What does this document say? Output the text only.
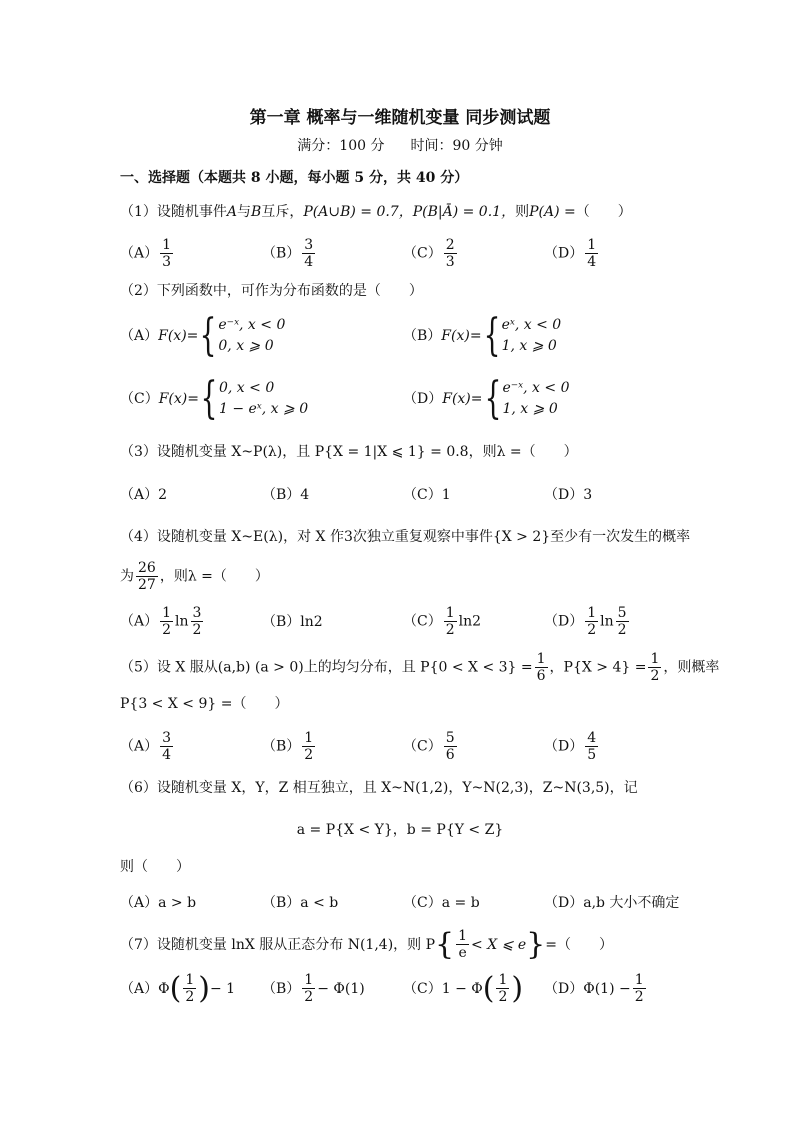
第一章 概率与一维随机变量 同步测试题
满分：100 分 时间：90 分钟
一、选择题（本题共 8 小题，每小题 5 分，共 40 分）
（1）设随机事件A与B互斥，P(A∪B) = 0.7，P(B|Ā) = 0.1，则P(A) =（　　）
$(A) \frac{1}{3}$	$(B) \frac{3}{4}$	$(C) \frac{2}{3}$	$(D) \frac{1}{4}$
（2）下列函数中，可作为分布函数的是（　　）
（A） F(x)= { e⁻ˣ, x < 0
0, x ⩾ 0
（B） F(x)= { eˣ, x < 0
1, x ⩾ 0
（C） F(x)= { 0, x < 0
1 − eˣ, x ⩾ 0
（D） F(x)= { e⁻ˣ, x < 0
1, x ⩾ 0
（3）设随机变量 X~P(λ)，且 P{X = 1|X ⩽ 1} = 0.8，则λ =（　　）
（A）2	（B）4	（C）1	（D）3
（4）设随机变量 X~E(λ)，对 X 作3次独立重复观察中事件{X > 2}至少有一次发生的概率
为 $\frac{26}{27}$ ，则λ =（　　）
$(A) \frac{1}{2}$ $\ln \frac{3}{2}$	（B）ln2	$(C) \frac{1}{2} \ln 2$	$(D) \frac{1}{2}$ $\ln \frac{5}{2}$
（5）设 X 服从(a,b) (a > 0)上的均匀分布，且 $P\{0 < X < 3\} = \frac{1}{6}$ ，$P\{X > 4\} = \frac{1}{2}$ ，则概率
P{3 < X < 9} =（　　）
$(A) \frac{3}{4}$	$(B) \frac{1}{2}$	$(C) \frac{5}{6}$	$(D) \frac{4}{5}$
（6）设随机变量 X，Y，Z 相互独立，且 X~N(1,2)，Y~N(2,3)，Z~N(3,5)，记
a = P{X < Y}，b = P{Y < Z}
则（　　）
（A）a > b	（B）a < b	（C）a = b	（D）a,b 大小不确定
（7）设随机变量 lnX 服从正态分布 N(1,4)，则 P { $\frac{1}{e} < X$ ⩽ e } =（　　）
（A） Φ ( $\frac{1}{2}$ ) − 1 $(B) \frac{1}{2} - \Phi(1)$	（C） 1 − Φ ( $\frac{1}{2}$ ) （D） $\Phi(1) - \frac{1}{2}$
